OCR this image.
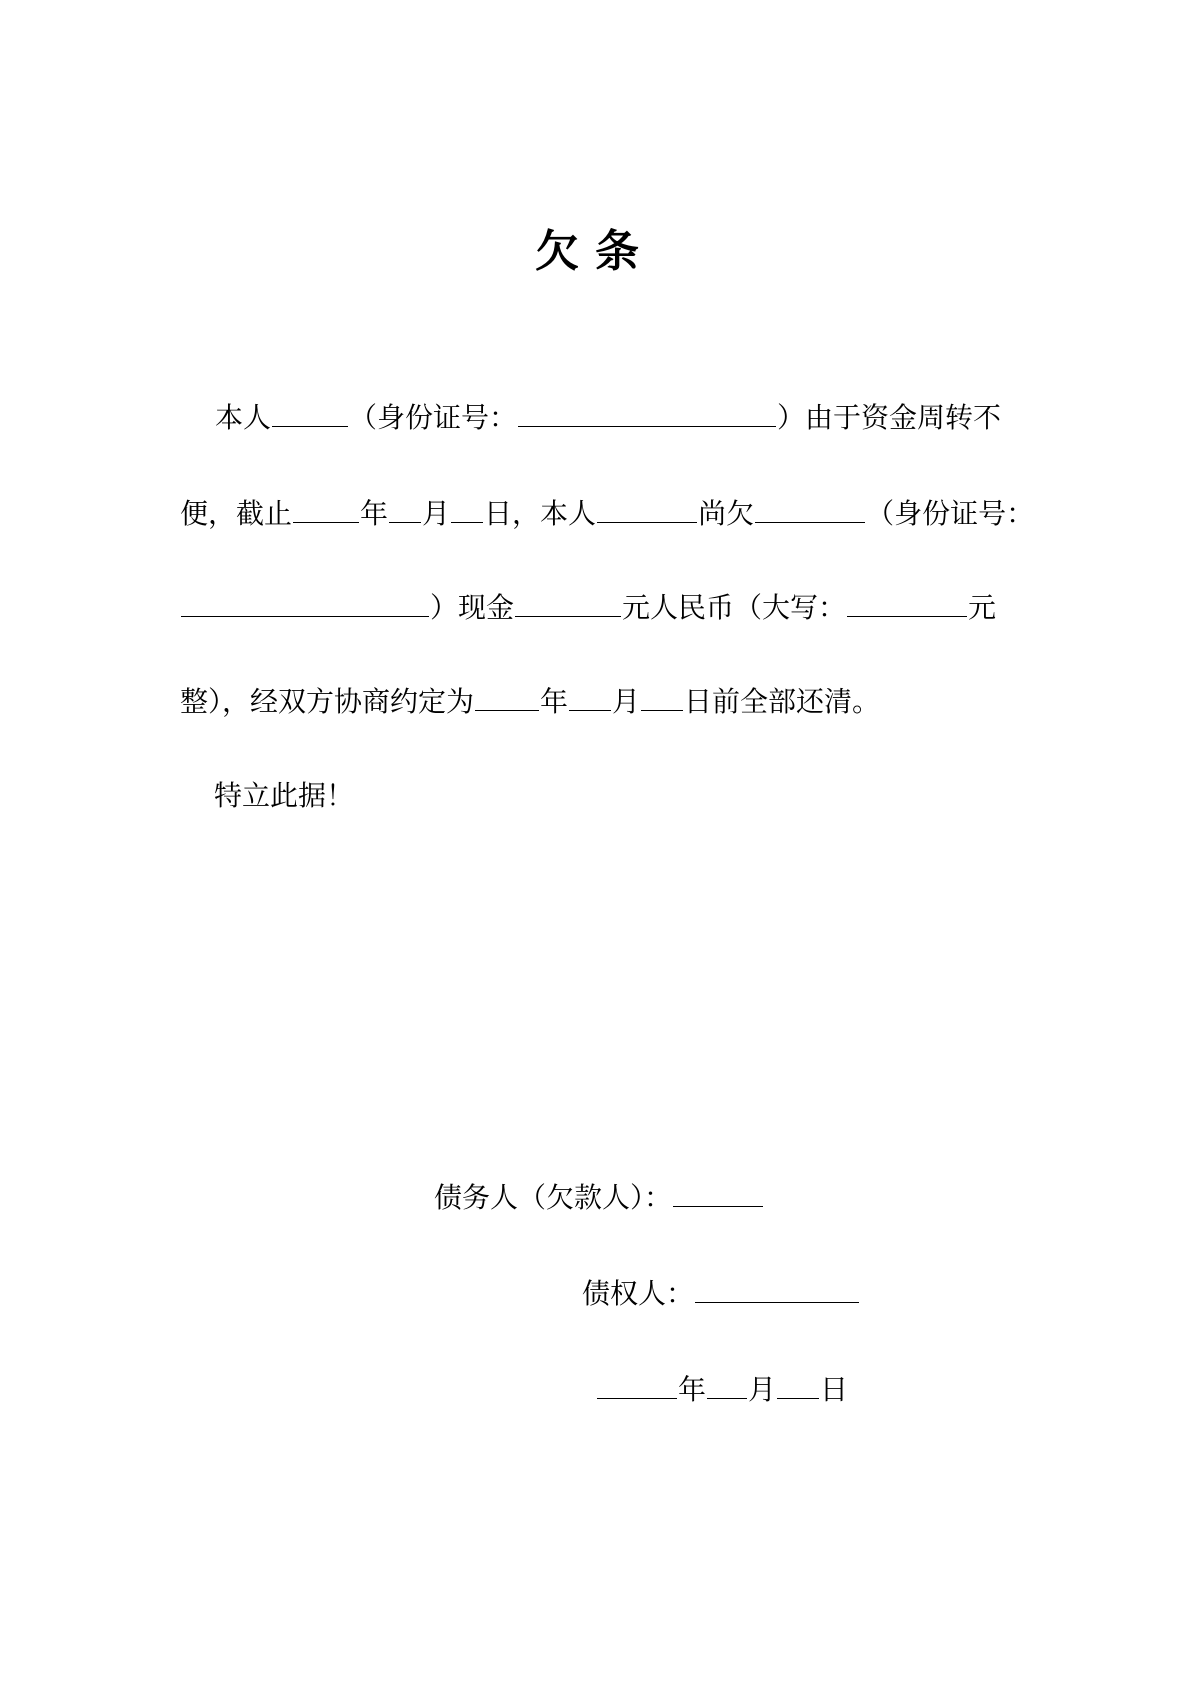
欠条
本人	（身份证号：	）由于资金周转不
便，截止 年 月 日，本人	尚欠	（身份证号：
）现金	元人民币（大写：	元
整），经双方协商约定为 年 月 日前全部还清。
特立此据！
债务人（欠款人）：
债权人：
年 月 日
